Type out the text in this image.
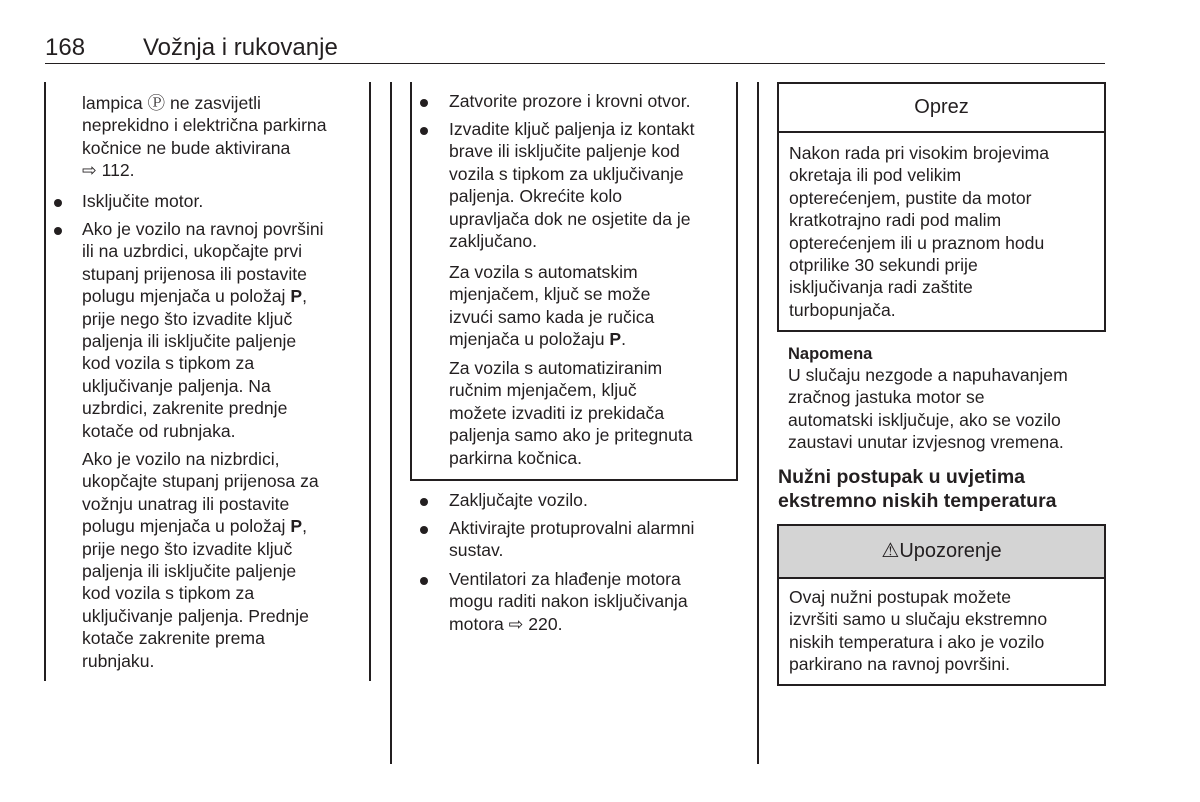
168 Vožnja i rukovanje
lampica Ⓟ ne zasvijetli
neprekidno i električna parkirna
kočnice ne bude aktivirana
⇨ 112.
Isključite motor.
Ako je vozilo na ravnoj površini
ili na uzbrdici, ukopčajte prvi
stupanj prijenosa ili postavite
polugu mjenjača u položaj P,
prije nego što izvadite ključ
paljenja ili isključite paljenje
kod vozila s tipkom za
uključivanje paljenja. Na
uzbrdici, zakrenite prednje
kotače od rubnjaka.
Ako je vozilo na nizbrdici,
ukopčajte stupanj prijenosa za
vožnju unatrag ili postavite
polugu mjenjača u položaj P,
prije nego što izvadite ključ
paljenja ili isključite paljenje
kod vozila s tipkom za
uključivanje paljenja. Prednje
kotače zakrenite prema
rubnjaku.
Zatvorite prozore i krovni otvor.
Izvadite ključ paljenja iz kontakt
brave ili isključite paljenje kod
vozila s tipkom za uključivanje
paljenja. Okrećite kolo
upravljača dok ne osjetite da je
zaključano.
Za vozila s automatskim
mjenjačem, ključ se može
izvući samo kada je ručica
mjenjača u položaju P.
Za vozila s automatiziranim
ručnim mjenjačem, ključ
možete izvaditi iz prekidača
paljenja samo ako je pritegnuta
parkirna kočnica.
Zaključajte vozilo.
Aktivirajte protuprovalni alarmni
sustav.
Ventilatori za hlađenje motora
mogu raditi nakon isključivanja
motora ⇨ 220.
Oprez
Nakon rada pri visokim brojevima
okretaja ili pod velikim
opterećenjem, pustite da motor
kratkotrajno radi pod malim
opterećenjem ili u praznom hodu
otprilike 30 sekundi prije
isključivanja radi zaštite
turbopunjača.
Napomena
U slučaju nezgode a napuhavanjem
zračnog jastuka motor se
automatski isključuje, ako se vozilo
zaustavi unutar izvjesnog vremena.
Nužni postupak u uvjetima
ekstremno niskih temperatura
⚠Upozorenje
Ovaj nužni postupak možete
izvršiti samo u slučaju ekstremno
niskih temperatura i ako je vozilo
parkirano na ravnoj površini.
